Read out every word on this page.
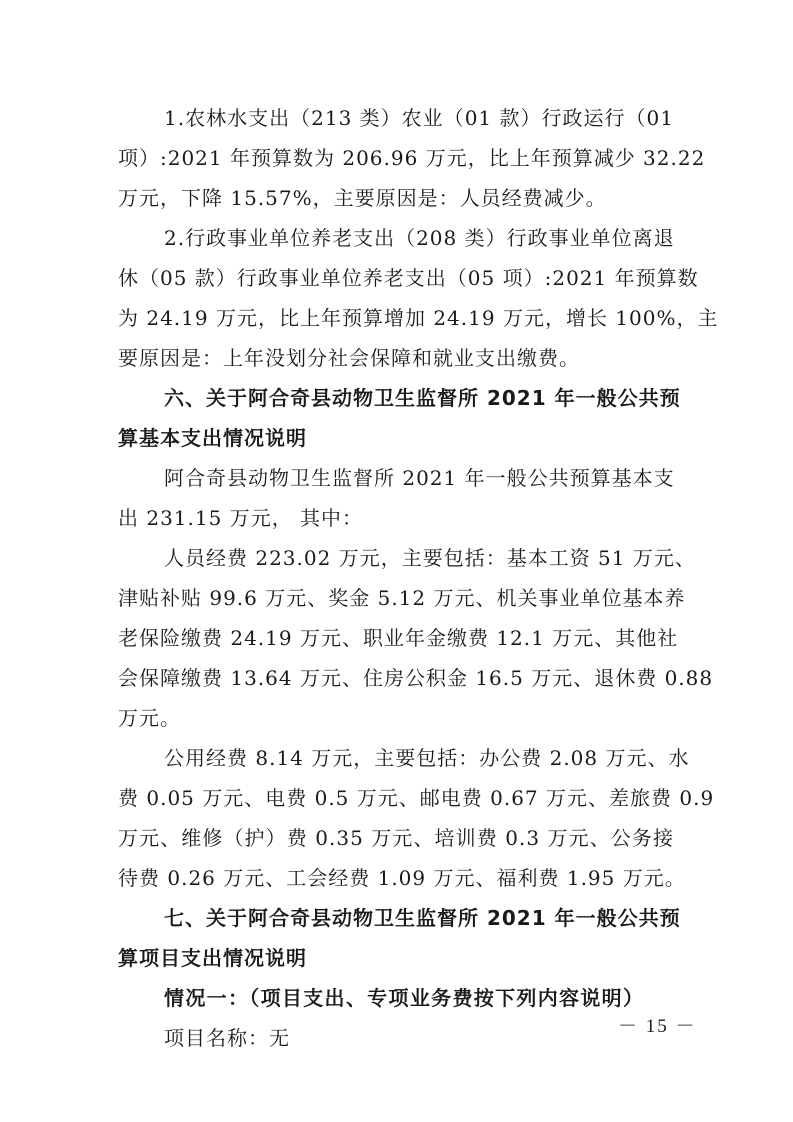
1.农林水支出（213 类）农业（01 款）行政运行（01

项）:2021 年预算数为 206.96 万元，比上年预算减少 32.22

万元，下降 15.57%，主要原因是：人员经费减少。

2.行政事业单位养老支出（208 类）行政事业单位离退

休（05 款）行政事业单位养老支出（05 项）:2021 年预算数

为 24.19 万元，比上年预算增加 24.19 万元，增长 100%，主

要原因是：上年没划分社会保障和就业支出缴费。

六、关于阿合奇县动物卫生监督所 2021 年一般公共预

算基本支出情况说明

阿合奇县动物卫生监督所 2021 年一般公共预算基本支

出 231.15 万元， 其中：

人员经费 223.02 万元，主要包括：基本工资 51 万元、

津贴补贴 99.6 万元、奖金 5.12 万元、机关事业单位基本养

老保险缴费 24.19 万元、职业年金缴费 12.1 万元、其他社

会保障缴费 13.64 万元、住房公积金 16.5 万元、退休费 0.88

万元。

公用经费 8.14 万元，主要包括：办公费 2.08 万元、水

费 0.05 万元、电费 0.5 万元、邮电费 0.67 万元、差旅费 0.9

万元、维修（护）费 0.35 万元、培训费 0.3 万元、公务接

待费 0.26 万元、工会经费 1.09 万元、福利费 1.95 万元。

七、关于阿合奇县动物卫生监督所 2021 年一般公共预

算项目支出情况说明

情况一：（项目支出、专项业务费按下列内容说明）

项目名称：无	－ 15 －
